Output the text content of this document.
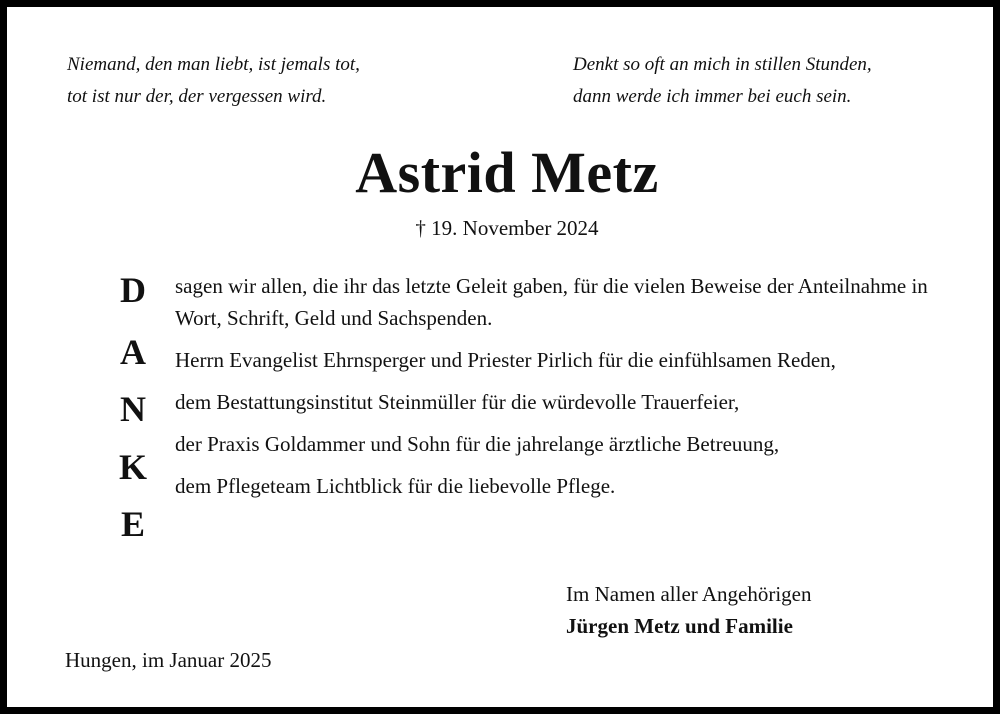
Niemand, den man liebt, ist jemals tot,
tot ist nur der, der vergessen wird.
Denkt so oft an mich in stillen Stunden,
dann werde ich immer bei euch sein.
Astrid Metz
† 19. November 2024
D
A
N
K
E

sagen wir allen, die ihr das letzte Geleit gaben, für die vielen Beweise der Anteilnahme in Wort, Schrift, Geld und Sachspenden.

Herrn Evangelist Ehrnsperger und Priester Pirlich für die einfühlsamen Reden,

dem Bestattungsinstitut Steinmüller für die würdevolle Trauerfeier,

der Praxis Goldammer und Sohn für die jahrelange ärztliche Betreuung,

dem Pflegeteam Lichtblick für die liebevolle Pflege.

Im Namen aller Angehörigen
Jürgen Metz und Familie
Hungen, im Januar 2025
